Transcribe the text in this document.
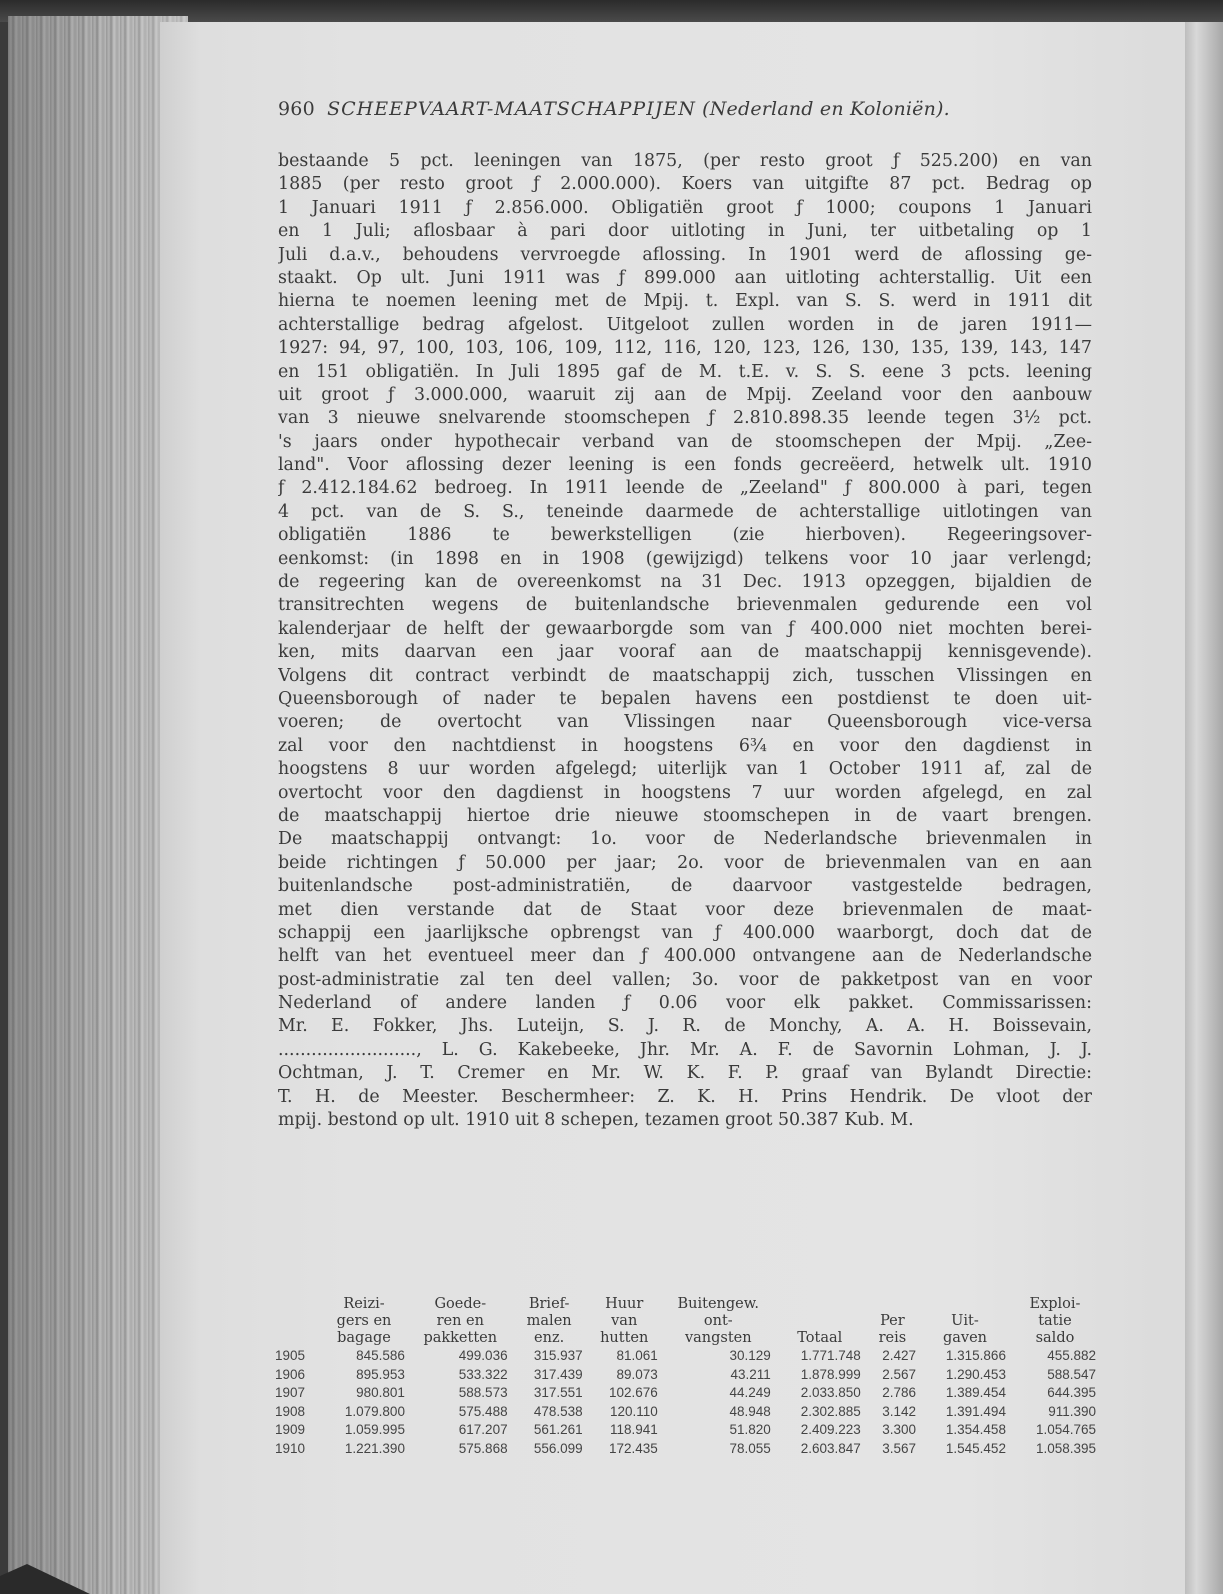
960 SCHEEPVAART-MAATSCHAPPIJEN (Nederland en Koloniën).
bestaande 5 pct. leeningen van 1875, (per resto groot ƒ 525.200) en van
1885 (per resto groot ƒ 2.000.000). Koers van uitgifte 87 pct. Bedrag op
1 Januari 1911 ƒ 2.856.000. Obligatiën groot ƒ 1000; coupons 1 Januari
en 1 Juli; aflosbaar à pari door uitloting in Juni, ter uitbetaling op 1
Juli d.a.v., behoudens vervroegde aflossing. In 1901 werd de aflossing ge-
staakt. Op ult. Juni 1911 was ƒ 899.000 aan uitloting achterstallig. Uit een
hierna te noemen leening met de Mpij. t. Expl. van S. S. werd in 1911 dit
achterstallige bedrag afgelost. Uitgeloot zullen worden in de jaren 1911—
1927: 94, 97, 100, 103, 106, 109, 112, 116, 120, 123, 126, 130, 135, 139, 143, 147
en 151 obligatiën. In Juli 1895 gaf de M. t.E. v. S. S. eene 3 pcts. leening
uit groot ƒ 3.000.000, waaruit zij aan de Mpij. Zeeland voor den aanbouw
van 3 nieuwe snelvarende stoomschepen ƒ 2.810.898.35 leende tegen 3½ pct.
's jaars onder hypothecair verband van de stoomschepen der Mpij. „Zee-
land". Voor aflossing dezer leening is een fonds gecreëerd, hetwelk ult. 1910
ƒ 2.412.184.62 bedroeg. In 1911 leende de „Zeeland" ƒ 800.000 à pari, tegen
4 pct. van de S. S., teneinde daarmede de achterstallige uitlotingen van
obligatiën 1886 te bewerkstelligen (zie hierboven). Regeeringsover-
eenkomst: (in 1898 en in 1908 (gewijzigd) telkens voor 10 jaar verlengd;
de regeering kan de overeenkomst na 31 Dec. 1913 opzeggen, bijaldien de
transitrechten wegens de buitenlandsche brievenmalen gedurende een vol
kalenderjaar de helft der gewaarborgde som van ƒ 400.000 niet mochten berei-
ken, mits daarvan een jaar vooraf aan de maatschappij kennisgevende).
Volgens dit contract verbindt de maatschappij zich, tusschen Vlissingen en
Queensborough of nader te bepalen havens een postdienst te doen uit-
voeren; de overtocht van Vlissingen naar Queensborough vice-versa
zal voor den nachtdienst in hoogstens 6¾ en voor den dagdienst in
hoogstens 8 uur worden afgelegd; uiterlijk van 1 October 1911 af, zal de
overtocht voor den dagdienst in hoogstens 7 uur worden afgelegd, en zal
de maatschappij hiertoe drie nieuwe stoomschepen in de vaart brengen.
De maatschappij ontvangt: 1o. voor de Nederlandsche brievenmalen in
beide richtingen ƒ 50.000 per jaar; 2o. voor de brievenmalen van en aan
buitenlandsche post-administratiën, de daarvoor vastgestelde bedragen,
met dien verstande dat de Staat voor deze brievenmalen de maat-
schappij een jaarlijksche opbrengst van ƒ 400.000 waarborgt, doch dat de
helft van het eventueel meer dan ƒ 400.000 ontvangene aan de Nederlandsche
post-administratie zal ten deel vallen; 3o. voor de pakketpost van en voor
Nederland of andere landen ƒ 0.06 voor elk pakket. Commissarissen:
Mr. E. Fokker, Jhs. Luteijn, S. J. R. de Monchy, A. A. H. Boissevain,
........................., L. G. Kakebeeke, Jhr. Mr. A. F. de Savornin Lohman, J. J.
Ochtman, J. T. Cremer en Mr. W. K. F. P. graaf van Bylandt Directie:
T. H. de Meester. Beschermheer: Z. K. H. Prins Hendrik. De vloot der
mpij. bestond op ult. 1910 uit 8 schepen, tezamen groot 50.387 Kub. M.
	Reizi-
gers en
bagage	Goede-
ren en
pakketten	Brief-
malen
enz.	Huur
van
hutten	Buitengew.
ont-
vangsten	Totaal	Per
reis	Uit-
gaven	Exploi-
tatie
saldo
1905	845.586	499.036	315.937	81.061	30.129	1.771.748	2.427	1.315.866	455.882
1906	895.953	533.322	317.439	89.073	43.211	1.878.999	2.567	1.290.453	588.547
1907	980.801	588.573	317.551	102.676	44.249	2.033.850	2.786	1.389.454	644.395
1908	1.079.800	575.488	478.538	120.110	48.948	2.302.885	3.142	1.391.494	911.390
1909	1.059.995	617.207	561.261	118.941	51.820	2.409.223	3.300	1.354.458	1.054.765
1910	1.221.390	575.868	556.099	172.435	78.055	2.603.847	3.567	1.545.452	1.058.395
